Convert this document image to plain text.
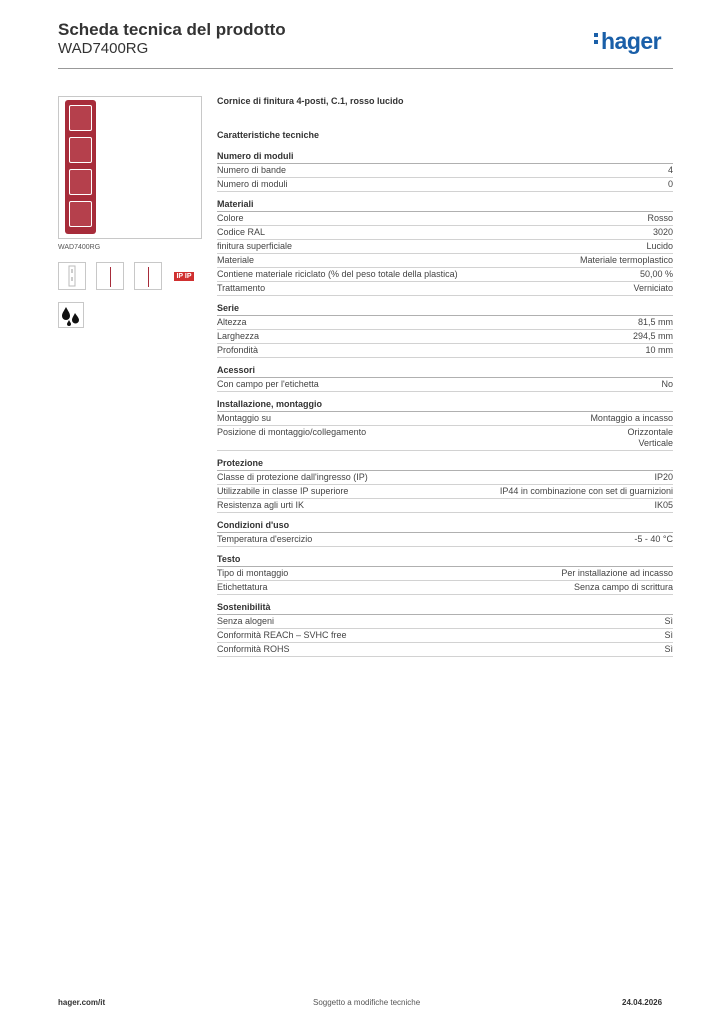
Scheda tecnica del prodotto
WAD7400RG	hager
WAD7400RG
IP IP
Cornice di finitura 4-posti, C.1, rosso lucido
Caratteristiche tecniche
Numero di moduli
Numero di bande	4
Numero di moduli	0
Materiali
Colore	Rosso
Codice RAL	3020
finitura superficiale	Lucido
Materiale	Materiale termoplastico
Contiene materiale riciclato (% del peso totale della plastica)	50,00 %
Trattamento	Verniciato
Serie
Altezza	81,5 mm
Larghezza	294,5 mm
Profondità	10 mm
Acessori
Con campo per l'etichetta	No
Installazione, montaggio
Montaggio su	Montaggio a incasso
Posizione di montaggio/collegamento	Orizzontale
Verticale
Protezione
Classe di protezione dall'ingresso (IP)	IP20
Utilizzabile in classe IP superiore	IP44 in combinazione con set di guarnizioni
Resistenza agli urti IK	IK05
Condizioni d'uso
Temperatura d'esercizio	-5 - 40 °C
Testo
Tipo di montaggio	Per installazione ad incasso
Etichettatura	Senza campo di scrittura
Sostenibilità
Senza alogeni	Sì
Conformità REACh – SVHC free	Sì
Conformità ROHS	Sì
hager.com/it	Soggetto a modifiche tecniche	24.04.2026
